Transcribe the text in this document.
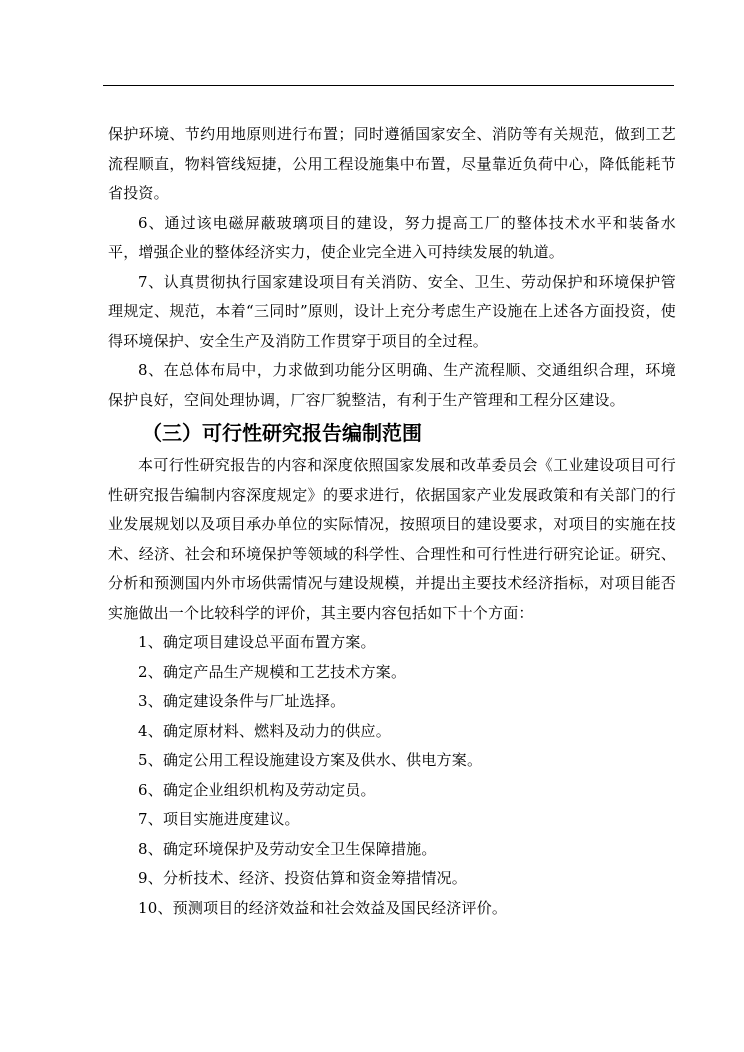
保护环境、节约用地原则进行布置；同时遵循国家安全、消防等有关规范，做到工艺流程顺直，物料管线短捷，公用工程设施集中布置，尽量靠近负荷中心，降低能耗节省投资。

6、通过该电磁屏蔽玻璃项目的建设，努力提高工厂的整体技术水平和装备水平，增强企业的整体经济实力，使企业完全进入可持续发展的轨道。

7、认真贯彻执行国家建设项目有关消防、安全、卫生、劳动保护和环境保护管理规定、规范，本着“三同时”原则，设计上充分考虑生产设施在上述各方面投资，使得环境保护、安全生产及消防工作贯穿于项目的全过程。

8、在总体布局中，力求做到功能分区明确、生产流程顺、交通组织合理，环境保护良好，空间处理协调，厂容厂貌整洁，有利于生产管理和工程分区建设。

（三）可行性研究报告编制范围

本可行性研究报告的内容和深度依照国家发展和改革委员会《工业建设项目可行性研究报告编制内容深度规定》的要求进行，依据国家产业发展政策和有关部门的行业发展规划以及项目承办单位的实际情况，按照项目的建设要求，对项目的实施在技术、经济、社会和环境保护等领域的科学性、合理性和可行性进行研究论证。研究、分析和预测国内外市场供需情况与建设规模，并提出主要技术经济指标，对项目能否实施做出一个比较科学的评价，其主要内容包括如下十个方面：

1、确定项目建设总平面布置方案。
2、确定产品生产规模和工艺技术方案。
3、确定建设条件与厂址选择。
4、确定原材料、燃料及动力的供应。
5、确定公用工程设施建设方案及供水、供电方案。
6、确定企业组织机构及劳动定员。
7、项目实施进度建议。
8、确定环境保护及劳动安全卫生保障措施。
9、分析技术、经济、投资估算和资金筹措情况。
10、预测项目的经济效益和社会效益及国民经济评价。
